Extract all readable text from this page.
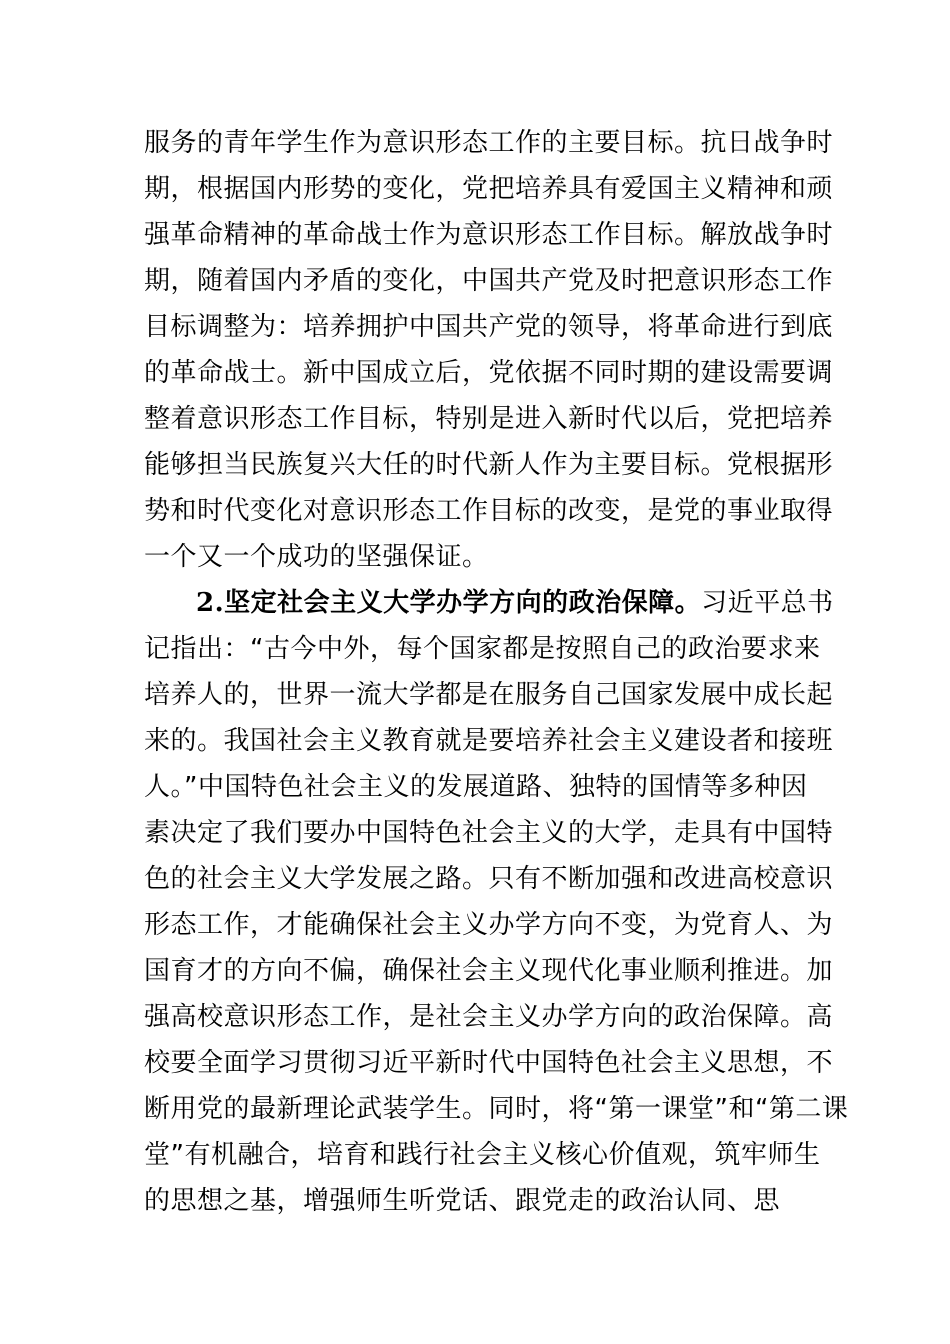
服务的青年学生作为意识形态工作的主要目标。抗日战争时
期，根据国内形势的变化，党把培养具有爱国主义精神和顽
强革命精神的革命战士作为意识形态工作目标。解放战争时
期，随着国内矛盾的变化，中国共产党及时把意识形态工作
目标调整为：培养拥护中国共产党的领导，将革命进行到底
的革命战士。新中国成立后，党依据不同时期的建设需要调
整着意识形态工作目标，特别是进入新时代以后，党把培养
能够担当民族复兴大任的时代新人作为主要目标。党根据形
势和时代变化对意识形态工作目标的改变，是党的事业取得
一个又一个成功的坚强保证。
2.坚定社会主义大学办学方向的政治保障。习近平总书
记指出：“古今中外，每个国家都是按照自己的政治要求来
培养人的，世界一流大学都是在服务自己国家发展中成长起
来的。我国社会主义教育就是要培养社会主义建设者和接班
人。”中国特色社会主义的发展道路、独特的国情等多种因
素决定了我们要办中国特色社会主义的大学，走具有中国特
色的社会主义大学发展之路。只有不断加强和改进高校意识
形态工作，才能确保社会主义办学方向不变，为党育人、为
国育才的方向不偏，确保社会主义现代化事业顺利推进。加
强高校意识形态工作，是社会主义办学方向的政治保障。高
校要全面学习贯彻习近平新时代中国特色社会主义思想，不
断用党的最新理论武装学生。同时，将“第一课堂”和“第二课
堂”有机融合，培育和践行社会主义核心价值观，筑牢师生
的思想之基，增强师生听党话、跟党走的政治认同、思
